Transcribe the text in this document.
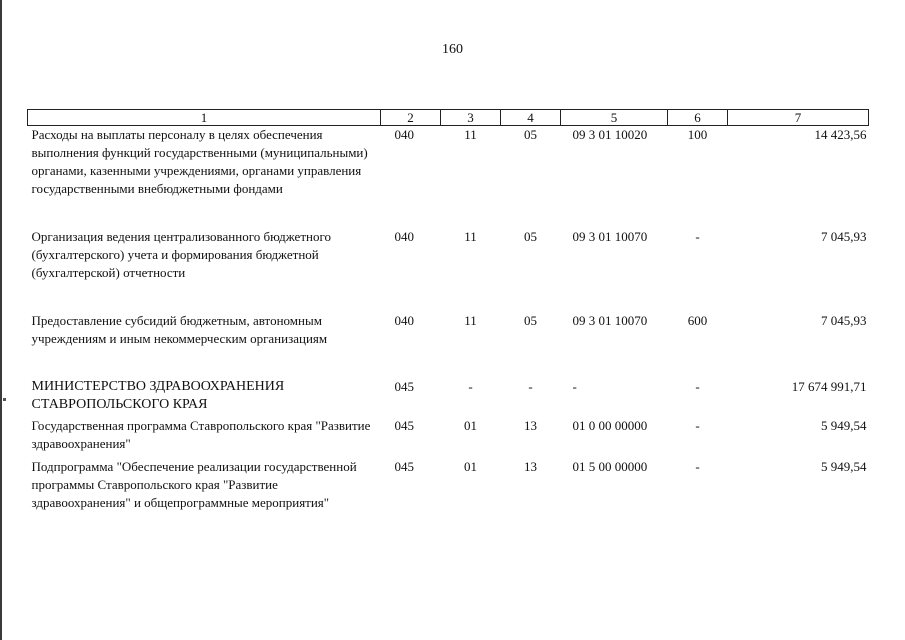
160
1	2	3	4	5	6	7
Расходы на выплаты персоналу в целях обеспечения выполнения функций государственными (муниципальными) органами, казенными учреждениями, органами управления государственными внебюджетными фондами	040	11	05	09 3 01 10020	100	14 423,56

Организация ведения централизованного бюджетного (бухгалтерского) учета и формирования бюджетной (бухгалтерской) отчетности	040	11	05	09 3 01 10070	-	7 045,93

Предоставление субсидий бюджетным, автономным учреждениям и иным некоммерческим организациям	040	11	05	09 3 01 10070	600	7 045,93

МИНИСТЕРСТВО ЗДРАВООХРАНЕНИЯ СТАВРОПОЛЬСКОГО КРАЯ	045	-	-	-	-	17 674 991,71
Государственная программа Ставропольского края "Развитие здравоохранения"	045	01	13	01 0 00 00000	-	5 949,54
Подпрограмма "Обеспечение реализации государственной программы Ставропольского края "Развитие здравоохранения" и общепрограммные мероприятия"	045	01	13	01 5 00 00000	-	5 949,54
